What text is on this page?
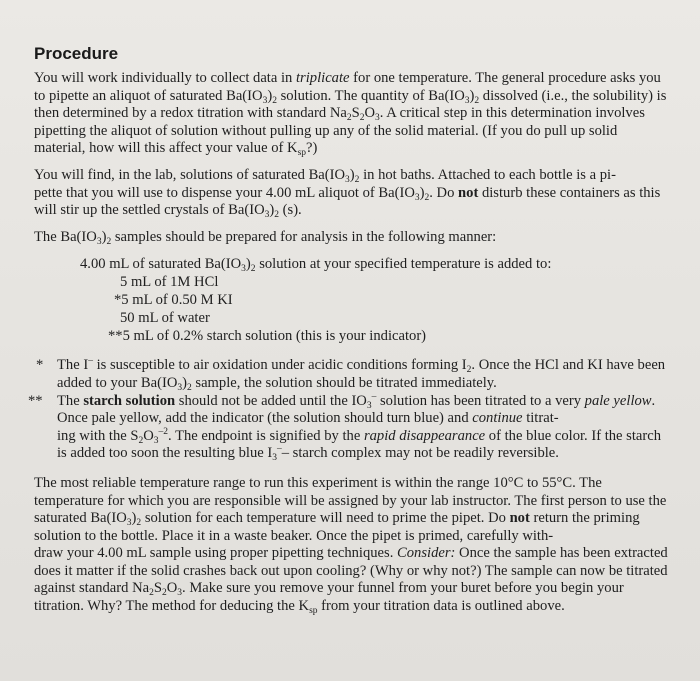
Procedure

You will work individually to collect data in triplicate for one temperature. The general procedure asks you to pipette an aliquot of saturated $Ba(IO_3)_2$ solution. The quantity of $Ba(IO_3)_2$ dissolved (i.e., the solubility) is then determined by a redox titration with standard $Na_2S_2O_3$. A critical step in this determination involves pipetting the aliquot of solution without pulling up any of the solid material. (If you do pull up solid material, how will this affect your value of $K_{sp}$?)

You will find, in the lab, solutions of saturated $Ba(IO_3)_2$ in hot baths. Attached to each bottle is a pi-
pette that you will use to dispense your 4.00 mL aliquot of $Ba(IO_3)_2$. Do not disturb these containers as this will stir up the settled crystals of $Ba(IO_3)_2$ (s).

The $Ba(IO_3)_2$ samples should be prepared for analysis in the following manner:

4.00 mL of saturated $Ba(IO_3)_2$ solution at your specified temperature is added to:

5 mL of 1M HCl

*5 mL of 0.50 M KI

50 mL of water

**5 mL of 0.2% starch solution (this is your indicator)

* The I– is susceptible to air oxidation under acidic conditions forming $I_2$. Once the HCl and KI have been added to your $Ba(IO_3)_2$ sample, the solution should be titrated immediately.
** The starch solution should not be added until the $IO_3^-$ solution has been titrated to a very pale yellow. Once pale yellow, add the indicator (the solution should turn blue) and continue titrat-
ing with the $S_2O_3^{-2}$. The endpoint is signified by the rapid disappearance of the blue color. If the starch is added too soon the resulting blue $I_3^--$ starch complex may not be readily reversible.

The most reliable temperature range to run this experiment is within the range 10°C to 55°C. The temperature for which you are responsible will be assigned by your lab instructor. The first person to use the saturated $Ba(IO_3)_2$ solution for each temperature will need to prime the pipet. Do not return the priming solution to the bottle. Place it in a waste beaker. Once the pipet is primed, carefully with-
draw your 4.00 mL sample using proper pipetting techniques. Consider: Once the sample has been extracted does it matter if the solid crashes back out upon cooling? (Why or why not?) The sample can now be titrated against standard $Na_2S_2O_3$. Make sure you remove your funnel from your buret before you begin your titration. Why? The method for deducing the $K_{sp}$ from your titration data is outlined above.
